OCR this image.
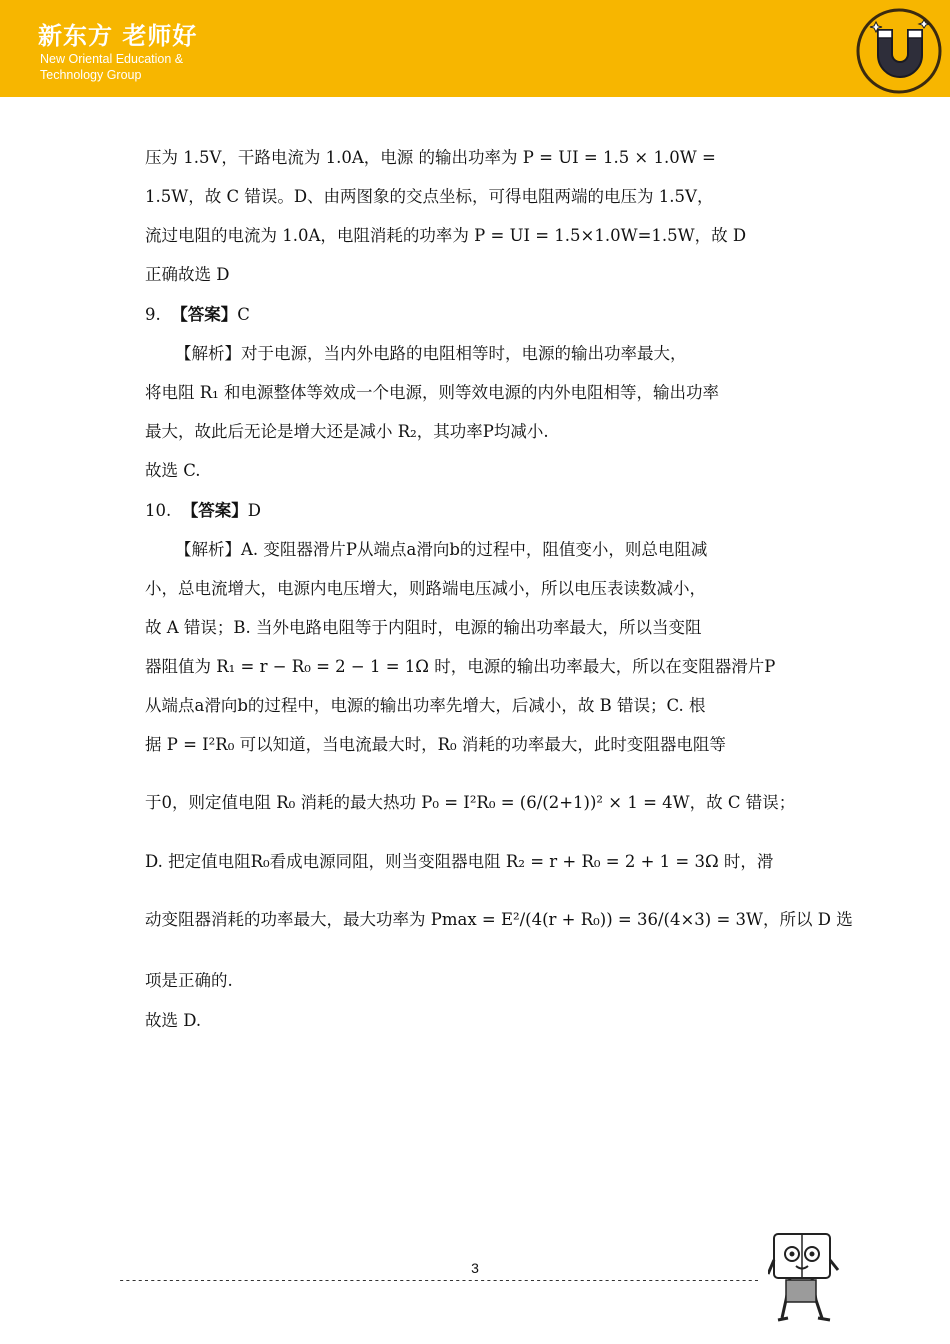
新东方 老师好
New Oriental Education &
Technology Group
压为 1.5V，干路电流为 1.0A，电源 的输出功率为 P = UI = 1.5 × 1.0W =
1.5W，故 C 错误。D、由两图象的交点坐标，可得电阻两端的电压为 1.5V，
流过电阻的电流为 1.0A，电阻消耗的功率为 P = UI = 1.5×1.0W=1.5W，故 D
正确故选 D
9. 【答案】C
【解析】对于电源，当内外电路的电阻相等时，电源的输出功率最大，
将电阻 R₁ 和电源整体等效成一个电源，则等效电源的内外电阻相等，输出功率
最大，故此后无论是增大还是减小 R₂，其功率P均减小.
故选 C.
10. 【答案】D
【解析】A. 变阻器滑片P从端点a滑向b的过程中，阻值变小，则总电阻减
小，总电流增大，电源内电压增大，则路端电压减小，所以电压表读数减小，
故 A 错误；B. 当外电路电阻等于内阻时，电源的输出功率最大，所以当变阻
器阻值为 R₁ = r − R₀ = 2 − 1 = 1Ω 时，电源的输出功率最大，所以在变阻器滑片P
从端点a滑向b的过程中，电源的输出功率先增大，后减小，故 B 错误；C. 根
据 P = I²R₀ 可以知道，当电流最大时，R₀ 消耗的功率最大，此时变阻器电阻等
于0，则定值电阻 R₀ 消耗的最大热功 P₀ = I²R₀ = (6/(2+1))² × 1 = 4W，故 C 错误；
D. 把定值电阻R₀看成电源同阻，则当变阻器电阻 R₂ = r + R₀ = 2 + 1 = 3Ω 时，滑
动变阻器消耗的功率最大，最大功率为 Pmax = E²/(4(r + R₀)) = 36/(4×3) = 3W，所以 D 选
项是正确的.
故选 D.
3
-------------------------------------------------------------------------------------------------------
